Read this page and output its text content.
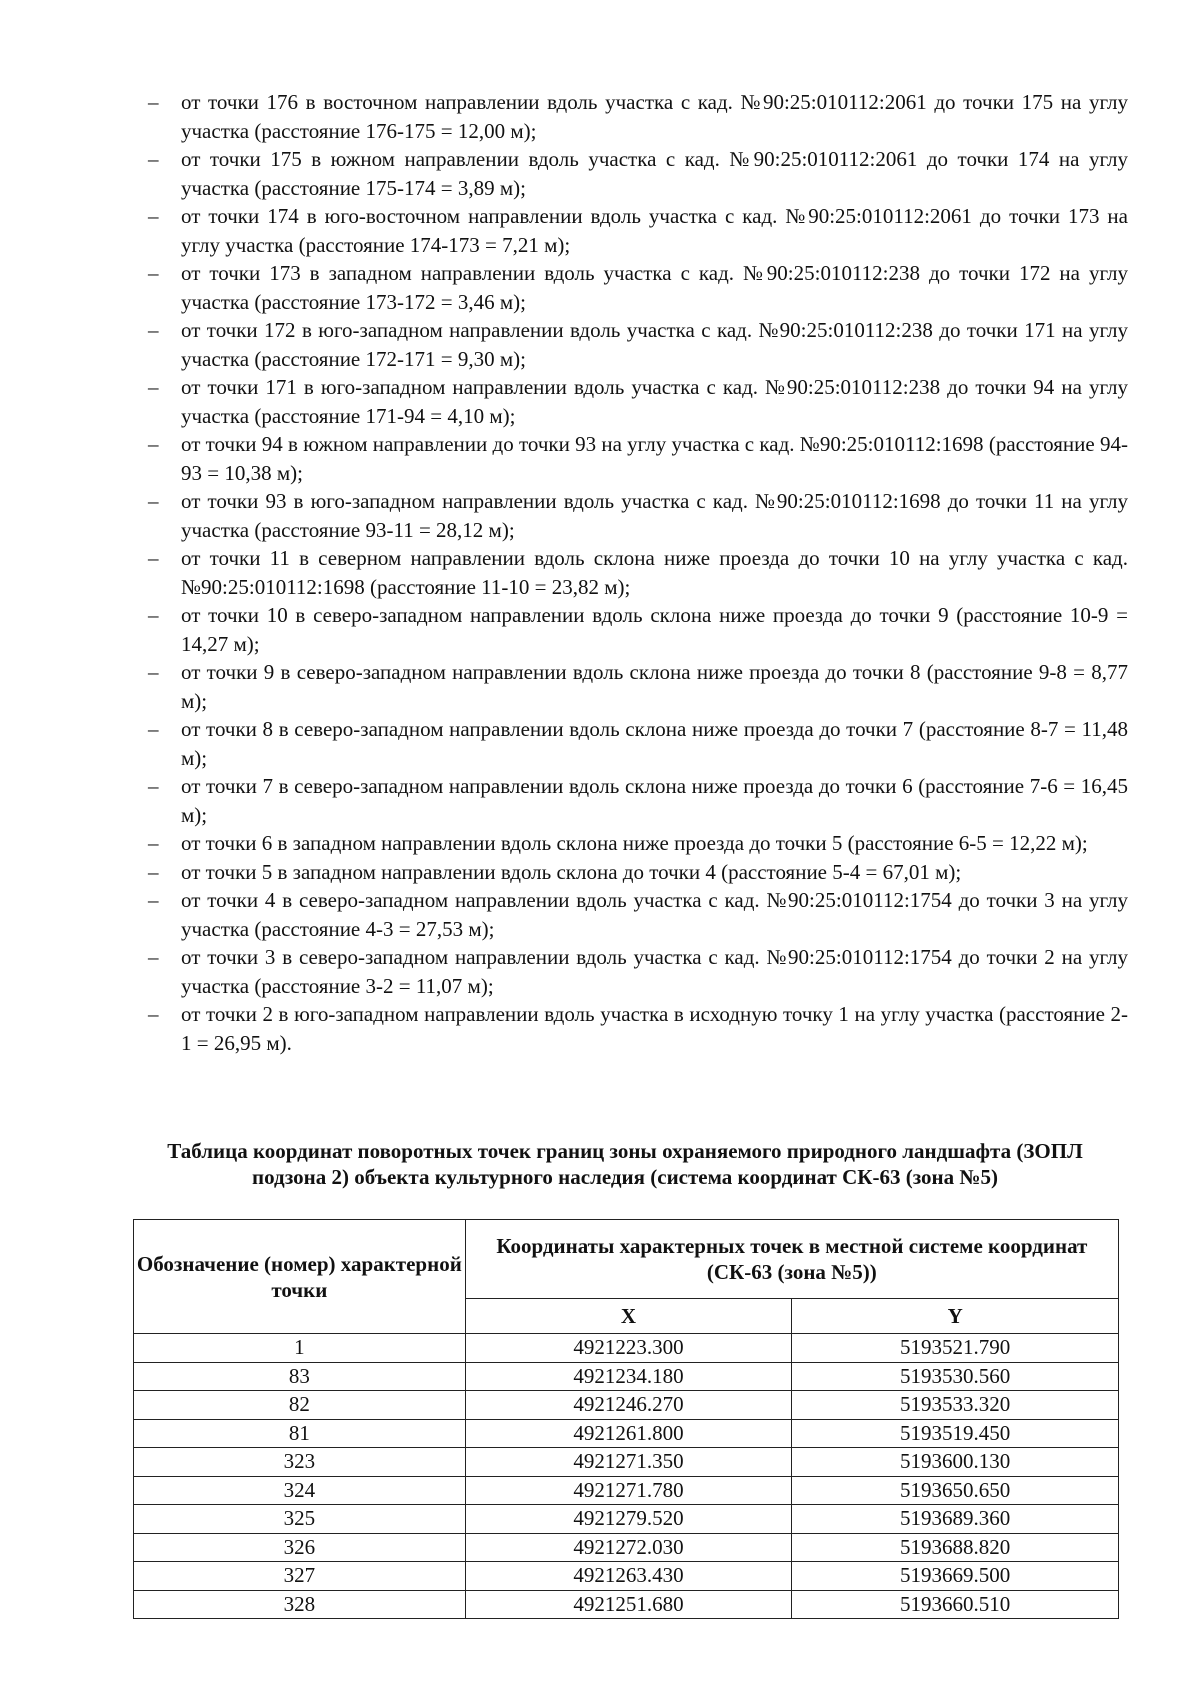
– от точки 176 в восточном направлении вдоль участка с кад. №90:25:010112:2061 до точки 175 на углу участка (расстояние 176-175 = 12,00 м);
– от точки 175 в южном направлении вдоль участка с кад. №90:25:010112:2061 до точки 174 на углу участка (расстояние 175-174 = 3,89 м);
– от точки 174 в юго-восточном направлении вдоль участка с кад. №90:25:010112:2061 до точки 173 на углу участка (расстояние 174-173 = 7,21 м);
– от точки 173 в западном направлении вдоль участка с кад. №90:25:010112:238 до точки 172 на углу участка (расстояние 173-172 = 3,46 м);
– от точки 172 в юго-западном направлении вдоль участка с кад. №90:25:010112:238 до точки 171 на углу участка (расстояние 172-171 = 9,30 м);
– от точки 171 в юго-западном направлении вдоль участка с кад. №90:25:010112:238 до точки 94 на углу участка (расстояние 171-94 = 4,10 м);
– от точки 94 в южном направлении до точки 93 на углу участка с кад. №90:25:010112:1698 (расстояние 94-93 = 10,38 м);
– от точки 93 в юго-западном направлении вдоль участка с кад. №90:25:010112:1698 до точки 11 на углу участка (расстояние 93-11 = 28,12 м);
– от точки 11 в северном направлении вдоль склона ниже проезда до точки 10 на углу участка с кад. №90:25:010112:1698 (расстояние 11-10 = 23,82 м);
– от точки 10 в северо-западном направлении вдоль склона ниже проезда до точки 9 (расстояние 10-9 = 14,27 м);
– от точки 9 в северо-западном направлении вдоль склона ниже проезда до точки 8 (расстояние 9-8 = 8,77 м);
– от точки 8 в северо-западном направлении вдоль склона ниже проезда до точки 7 (расстояние 8-7 = 11,48 м);
– от точки 7 в северо-западном направлении вдоль склона ниже проезда до точки 6 (расстояние 7-6 = 16,45 м);
– от точки 6 в западном направлении вдоль склона ниже проезда до точки 5 (расстояние 6-5 = 12,22 м);
– от точки 5 в западном направлении вдоль склона до точки 4 (расстояние 5-4 = 67,01 м);
– от точки 4 в северо-западном направлении вдоль участка с кад. №90:25:010112:1754 до точки 3 на углу участка (расстояние 4-3 = 27,53 м);
– от точки 3 в северо-западном направлении вдоль участка с кад. №90:25:010112:1754 до точки 2 на углу участка (расстояние 3-2 = 11,07 м);
– от точки 2 в юго-западном направлении вдоль участка в исходную точку 1 на углу участка (расстояние 2-1 = 26,95 м).
Таблица координат поворотных точек границ зоны охраняемого природного ландшафта (ЗОПЛ подзона 2) объекта культурного наследия (система координат СК-63 (зона №5)
Обозначение (номер) характерной точки	Координаты характерных точек в местной системе координат (СК-63 (зона №5))	
	X	Y
1	4921223.300	5193521.790
83	4921234.180	5193530.560
82	4921246.270	5193533.320
81	4921261.800	5193519.450
323	4921271.350	5193600.130
324	4921271.780	5193650.650
325	4921279.520	5193689.360
326	4921272.030	5193688.820
327	4921263.430	5193669.500
328	4921251.680	5193660.510
